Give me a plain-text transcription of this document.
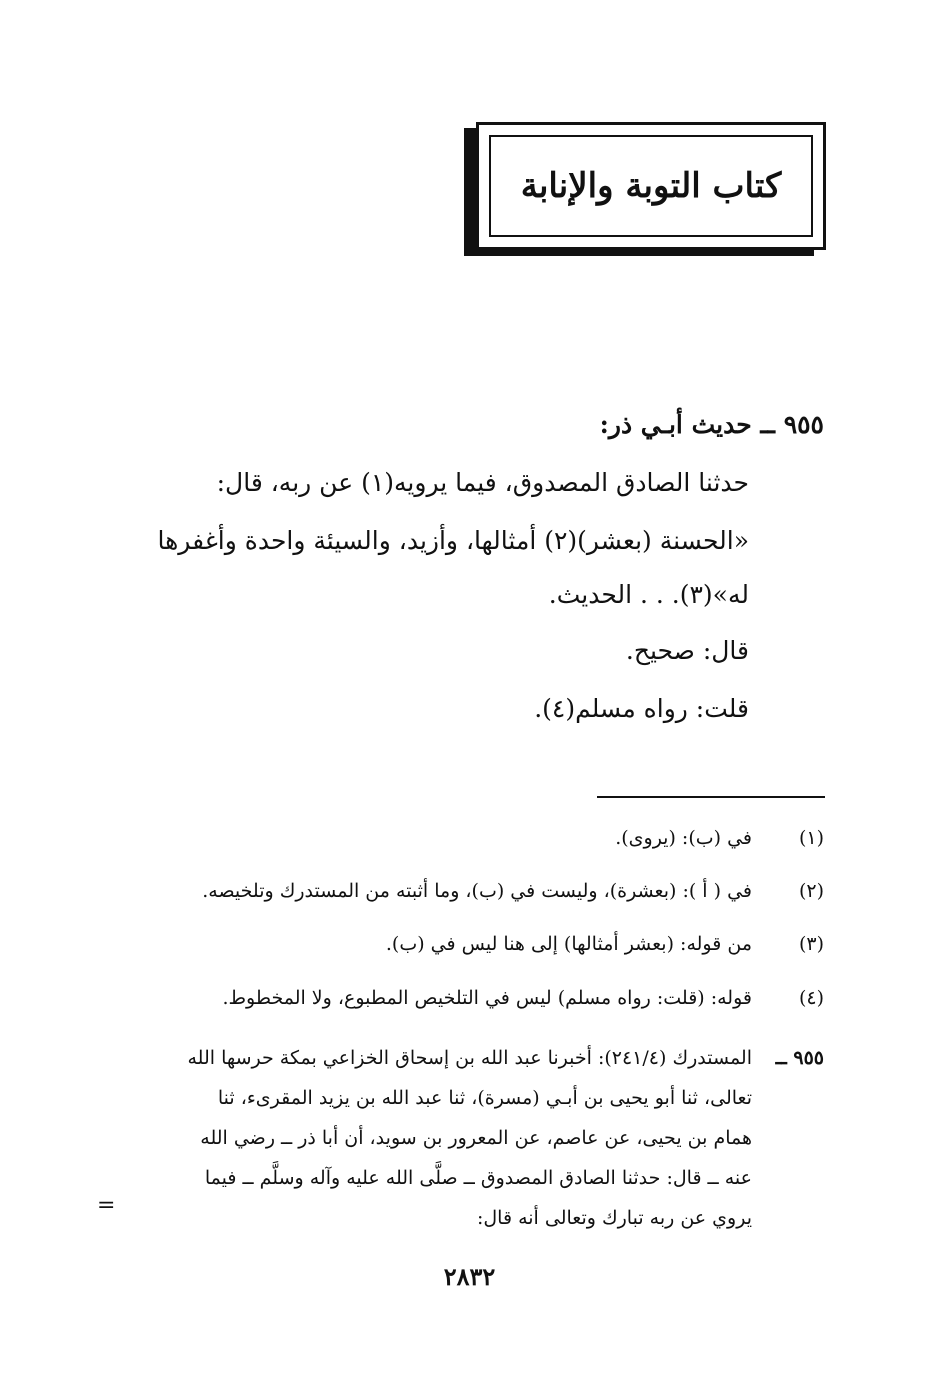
كتاب التوبة والإنابة
٩٥٥ ــ حديث أبـي ذر:
حدثنا الصادق المصدوق، فيما يرويه(١) عن ربه، قال:
«الحسنة (بعشر)(٢) أمثالها، وأزيد، والسيئة واحدة وأغفرها
له»(٣). . . الحديث.
قال: صحيح.
قلت: رواه مسلم(٤).
(١)في (ب): (يروى).
(٢)في ( أ ): (بعشرة)، وليست في (ب)، وما أثبته من المستدرك وتلخيصه.
(٣)من قوله: (بعشر أمثالها) إلى هنا ليس في (ب).
(٤)قوله: (قلت: رواه مسلم) ليس في التلخيص المطبوع، ولا المخطوط.
٩٥٥ ــ
المستدرك (٢٤١/٤): أخبرنا عبد الله بن إسحاق الخزاعي بمكة حرسها الله
تعالى، ثنا أبو يحيى بن أبـي (مسرة)، ثنا عبد الله بن يزيد المقرىء، ثنا
همام بن يحيى، عن عاصم، عن المعرور بن سويد، أن أبا ذر ــ رضي الله
عنه ــ قال: حدثنا الصادق المصدوق ــ صلَّى الله عليه وآله وسلَّم ــ فيما
يروي عن ربه تبارك وتعالى أنه قال:
=
٢٨٣٢
